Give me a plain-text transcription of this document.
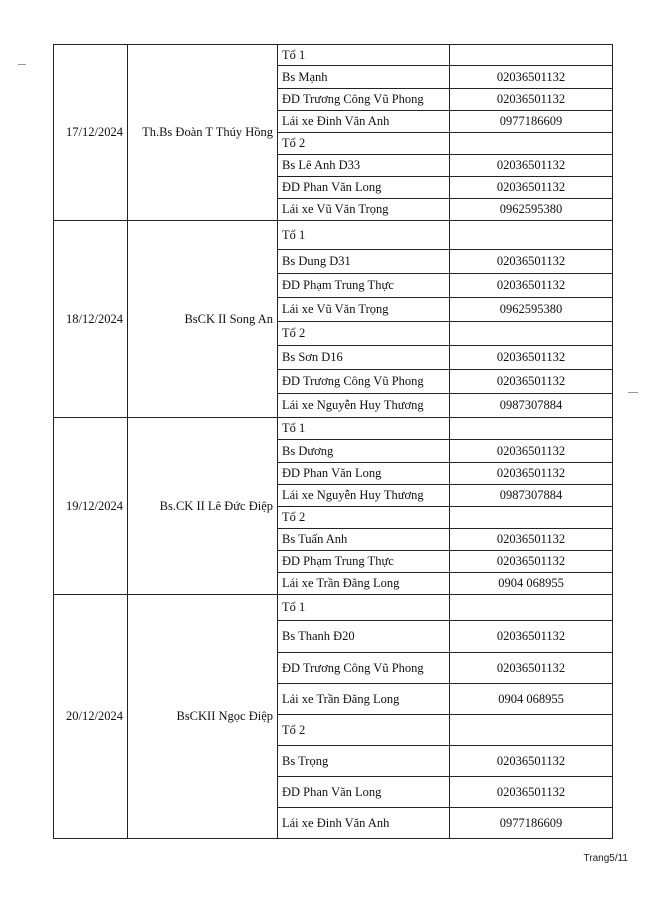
17/12/2024	Th.Bs Đoàn T Thúy Hồng	Tổ 1	
		Bs Mạnh	02036501132
		ĐD Trương Công Vũ Phong	02036501132
		Lái xe Đinh Văn Anh	0977186609
		Tổ 2	
		Bs Lê Anh D33	02036501132
		ĐD Phan Văn Long	02036501132
		Lái xe Vũ Văn Trọng	0962595380
18/12/2024	BsCK II Song An	Tổ 1	
		Bs Dung D31	02036501132
		ĐD Phạm Trung Thực	02036501132
		Lái xe Vũ Văn Trọng	0962595380
		Tổ 2	
		Bs Sơn D16	02036501132
		ĐD Trương Công Vũ Phong	02036501132
		Lái xe Nguyễn Huy Thương	0987307884
19/12/2024	Bs.CK II Lê Đức Điệp	Tổ 1	
		Bs Dương	02036501132
		ĐD Phan Văn Long	02036501132
		Lái xe Nguyễn Huy Thương	0987307884
		Tổ 2	
		Bs Tuấn Anh	02036501132
		ĐD Phạm Trung Thực	02036501132
		Lái xe Trần Đăng Long	0904 068955
20/12/2024	BsCKII Ngọc Điệp	Tổ 1	
		Bs Thanh Đ20	02036501132
		ĐD Trương Công Vũ Phong	02036501132
		Lái xe Trần Đăng Long	0904 068955
		Tổ 2	
		Bs Trọng	02036501132
		ĐD Phan Văn Long	02036501132
		Lái xe Đinh Văn Anh	0977186609
Trang5/11
